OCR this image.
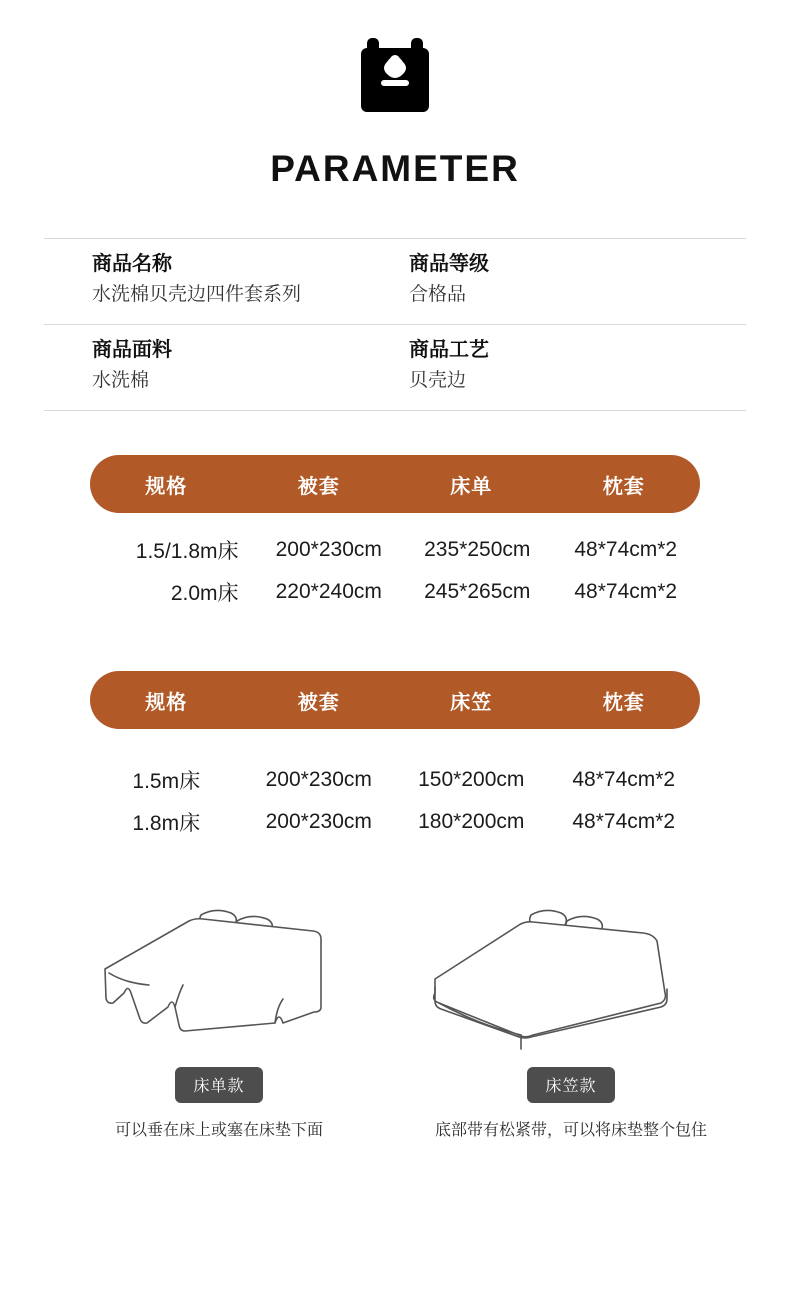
PARAMETER
商品名称
水洗棉贝壳边四件套系列
商品等级
合格品
商品面料
水洗棉
商品工艺
贝壳边
规格	被套	床单	枕套
1.5/1.8m床	200*230cm	235*250cm	48*74cm*2
2.0m床	220*240cm	245*265cm	48*74cm*2
规格	被套	床笠	枕套
1.5m床	200*230cm	150*200cm	48*74cm*2
1.8m床	200*230cm	180*200cm	48*74cm*2
床单款
可以垂在床上或塞在床垫下面
床笠款
底部带有松紧带，可以将床垫整个包住
